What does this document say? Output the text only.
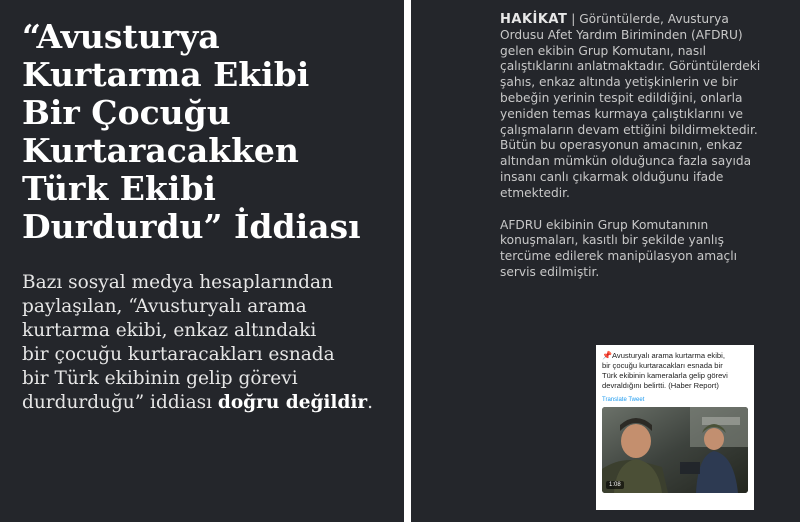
“Avusturya
Kurtarma Ekibi
Bir Çocuğu
Kurtaracakken
Türk Ekibi
Durdurdu” İddiası
Bazı sosyal medya hesaplarından
paylaşılan, “Avusturyalı arama
kurtarma ekibi, enkaz altındaki
bir çocuğu kurtaracakları esnada
bir Türk ekibinin gelip görevi
durdurduğu” iddiası doğru değildir.

HAKİKAT | Görüntülerde, Avusturya
Ordusu Afet Yardım Biriminden (AFDRU)
gelen ekibin Grup Komutanı, nasıl
çalıştıklarını anlatmaktadır. Görüntülerdeki
şahıs, enkaz altında yetişkinlerin ve bir
bebeğin yerinin tespit edildiğini, onlarla
yeniden temas kurmaya çalıştıklarını ve
çalışmaların devam ettiğini bildirmektedir.
Bütün bu operasyonun amacının, enkaz
altından mümkün olduğunca fazla sayıda
insanı canlı çıkarmak olduğunu ifade
etmektedir.

AFDRU ekibinin Grup Komutanının
konuşmaları, kasıtlı bir şekilde yanlış
tercüme edilerek manipülasyon amaçlı
servis edilmiştir.

📌Avusturyalı arama kurtarma ekibi,
bir çocuğu kurtaracakları esnada bir
Türk ekibinin kameralarla gelip görevi
devraldığını belirtti. (Haber Report)
Translate Tweet
1:08
